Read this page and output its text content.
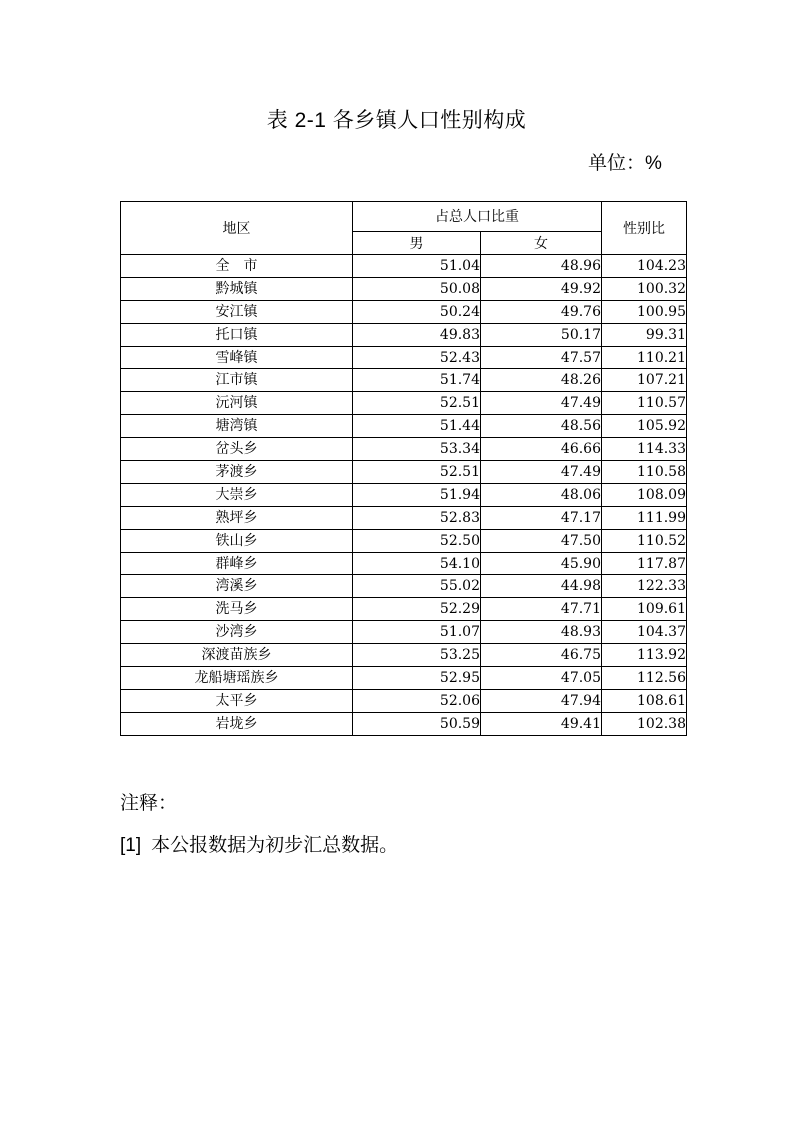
表 2-1 各乡镇人口性别构成
单位：%
地区	占总人口比重		性别比
	男	女	
全　市	51.04	48.96	104.23
黔城镇	50.08	49.92	100.32
安江镇	50.24	49.76	100.95
托口镇	49.83	50.17	99.31
雪峰镇	52.43	47.57	110.21
江市镇	51.74	48.26	107.21
沅河镇	52.51	47.49	110.57
塘湾镇	51.44	48.56	105.92
岔头乡	53.34	46.66	114.33
茅渡乡	52.51	47.49	110.58
大崇乡	51.94	48.06	108.09
熟坪乡	52.83	47.17	111.99
铁山乡	52.50	47.50	110.52
群峰乡	54.10	45.90	117.87
湾溪乡	55.02	44.98	122.33
洗马乡	52.29	47.71	109.61
沙湾乡	51.07	48.93	104.37
深渡苗族乡	53.25	46.75	113.92
龙船塘瑶族乡	52.95	47.05	112.56
太平乡	52.06	47.94	108.61
岩垅乡	50.59	49.41	102.38
注释：
[1] 本公报数据为初步汇总数据。
